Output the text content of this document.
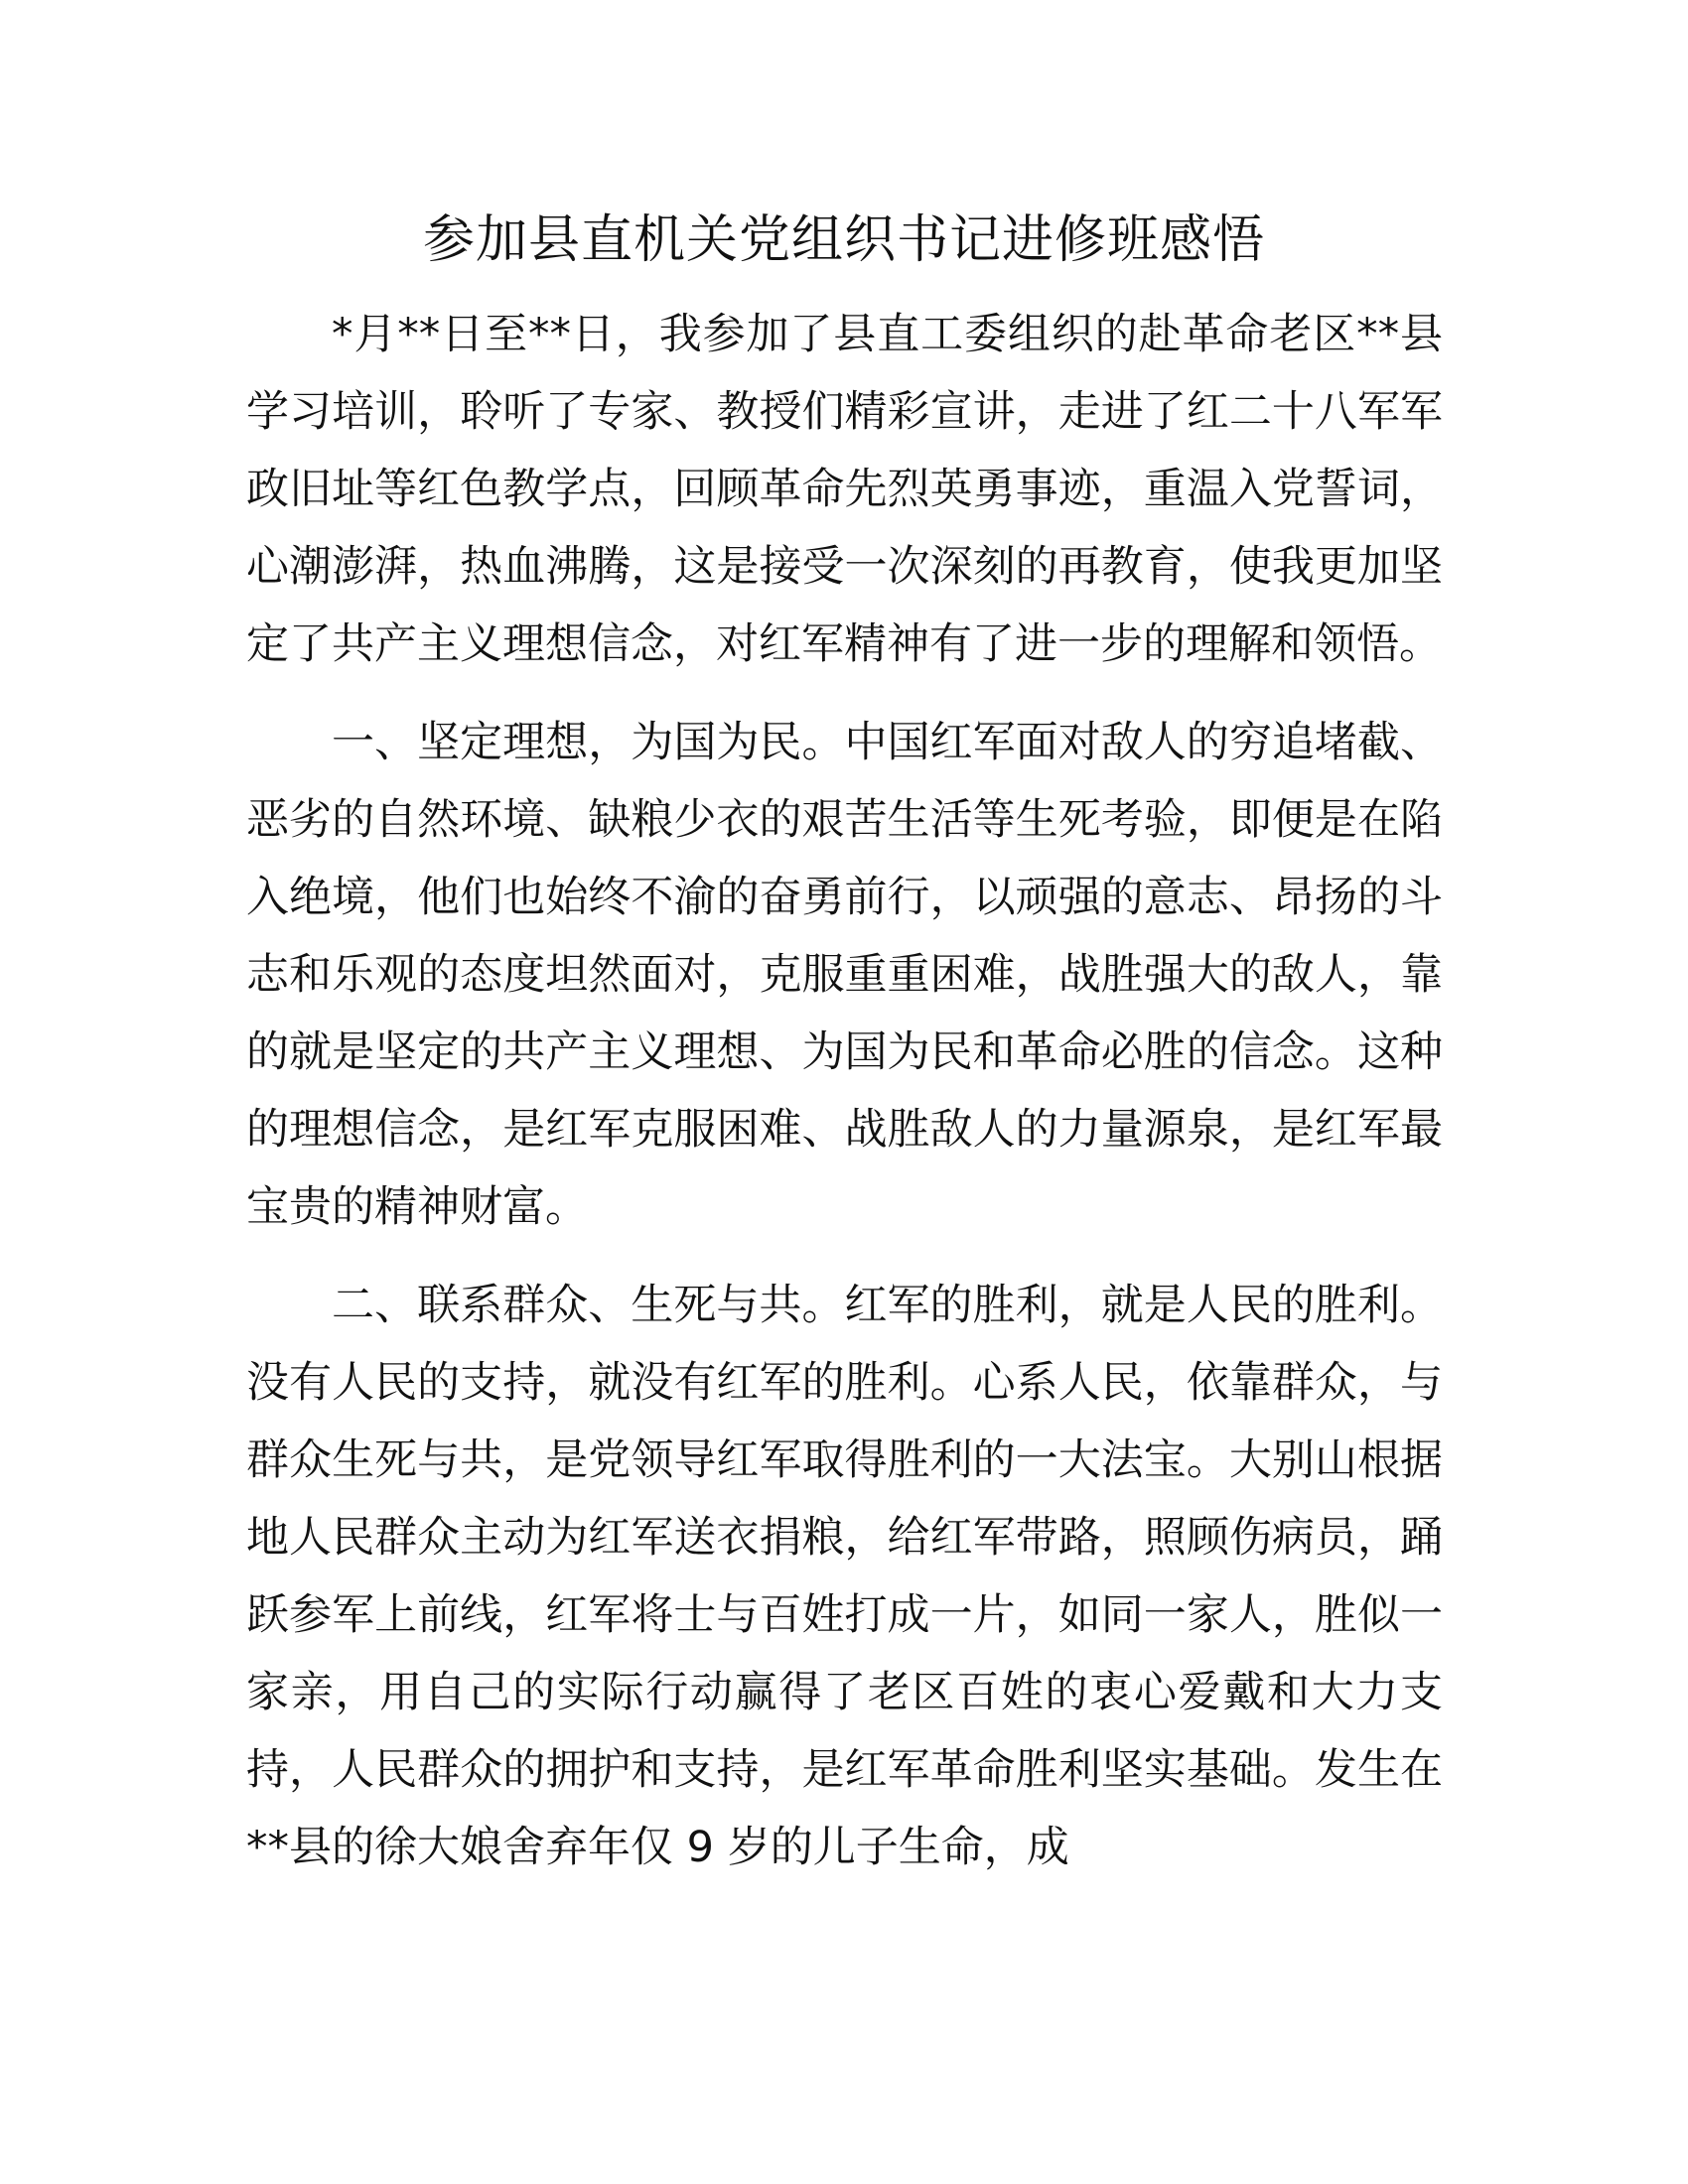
参加县直机关党组织书记进修班感悟

*月**日至**日，我参加了县直工委组织的赴革命老区**县学习培训，聆听了专家、教授们精彩宣讲，走进了红二十八军军政旧址等红色教学点，回顾革命先烈英勇事迹，重温入党誓词，心潮澎湃，热血沸腾，这是接受一次深刻的再教育，使我更加坚定了共产主义理想信念，对红军精神有了进一步的理解和领悟。

一、坚定理想，为国为民。中国红军面对敌人的穷追堵截、恶劣的自然环境、缺粮少衣的艰苦生活等生死考验，即便是在陷入绝境，他们也始终不渝的奋勇前行，以顽强的意志、昂扬的斗志和乐观的态度坦然面对，克服重重困难，战胜强大的敌人，靠的就是坚定的共产主义理想、为国为民和革命必胜的信念。这种的理想信念，是红军克服困难、战胜敌人的力量源泉，是红军最宝贵的精神财富。

二、联系群众、生死与共。红军的胜利，就是人民的胜利。没有人民的支持，就没有红军的胜利。心系人民，依靠群众，与群众生死与共，是党领导红军取得胜利的一大法宝。大别山根据地人民群众主动为红军送衣捐粮，给红军带路，照顾伤病员，踊跃参军上前线，红军将士与百姓打成一片，如同一家人，胜似一家亲，用自己的实际行动赢得了老区百姓的衷心爱戴和大力支持，人民群众的拥护和支持，是红军革命胜利坚实基础。发生在**县的徐大娘舍弃年仅 9 岁的儿子生命，成
